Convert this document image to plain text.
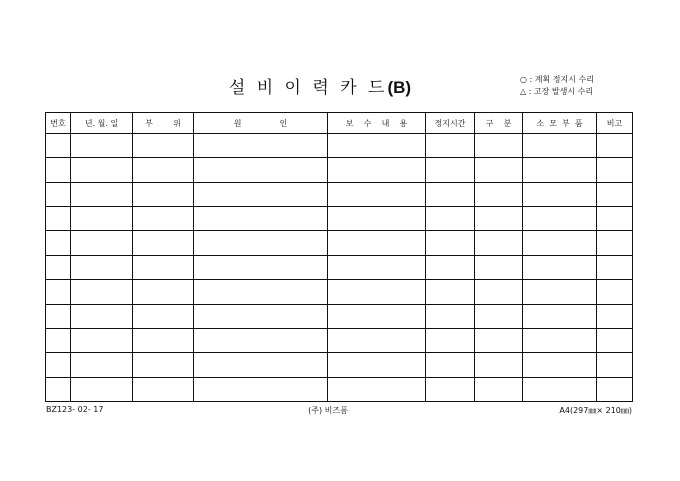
설 비 이 력 카 드(B)	○ : 계획 정지시 수리
△ : 고장 발생시 수리
번호	년. 월. 일	부        위	원               인	보    수    내    용	정지시간	구    분	소  모  부  품	비고

BZ123- 02- 17	(주) 비즈폼	A4(297㎜× 210㎜)
